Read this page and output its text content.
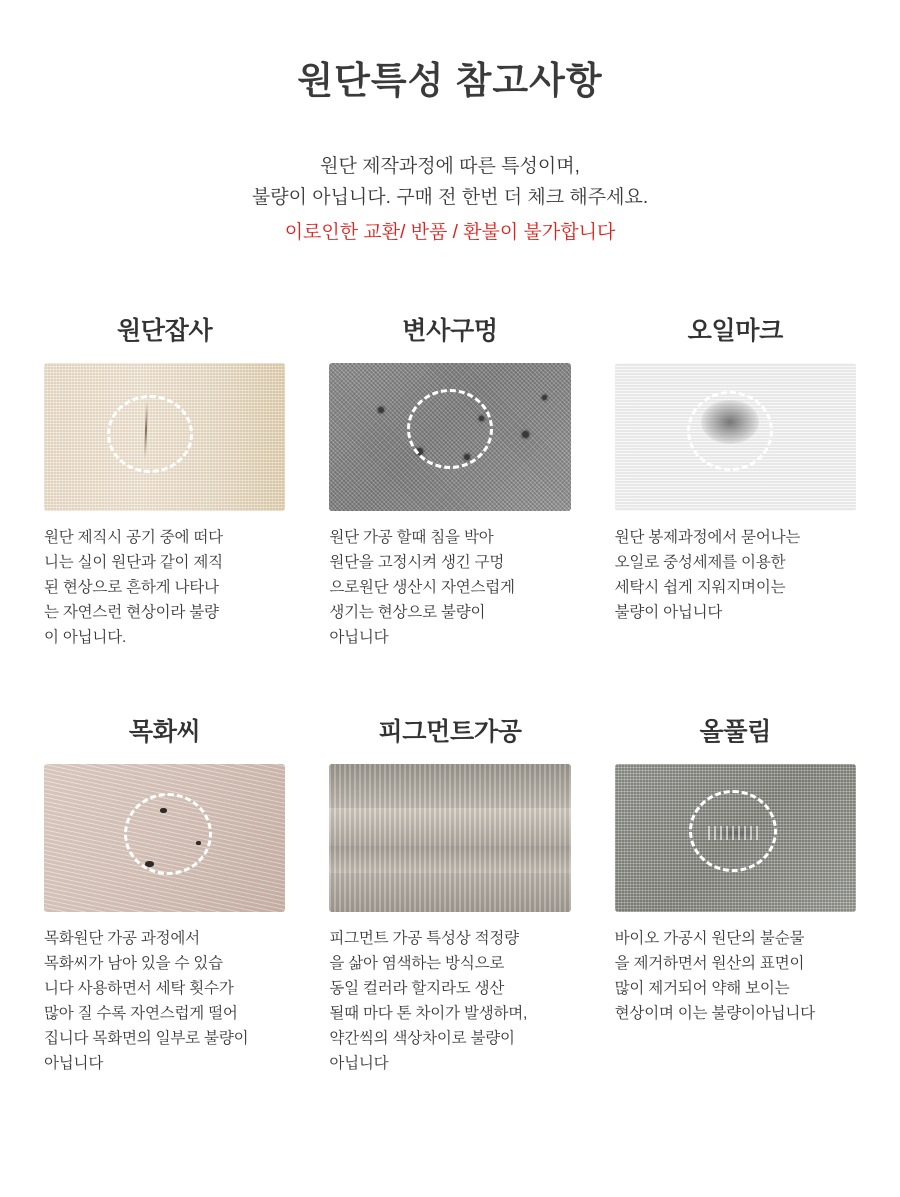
원단특성 참고사항
원단 제작과정에 따른 특성이며,
불량이 아닙니다. 구매 전 한번 더 체크 해주세요.
이로인한 교환/ 반품 / 환불이 불가합니다
원단잡사

원단 제직시 공기 중에 떠다
니는 실이 원단과 같이 제직
된 현상으로 흔하게 나타나
는 자연스런 현상이라 불량
이 아닙니다.

변사구멍

원단 가공 할때 침을 박아
원단을 고정시켜 생긴 구멍
으로원단 생산시 자연스럽게
생기는 현상으로 불량이
아닙니다

오일마크

원단 봉제과정에서 묻어나는
오일로 중성세제를 이용한
세탁시 쉽게 지워지며이는
불량이 아닙니다

목화씨

목화원단 가공 과정에서
목화씨가 남아 있을 수 있습
니다 사용하면서 세탁 횟수가
많아 질 수록 자연스럽게 떨어
집니다 목화면의 일부로 불량이
아닙니다

피그먼트가공

피그먼트 가공 특성상 적정량
을 삶아 염색하는 방식으로
동일 컬러라 할지라도 생산
될때 마다 톤 차이가 발생하며,
약간씩의 색상차이로 불량이
아닙니다

올풀림

바이오 가공시 원단의 불순물
을 제거하면서 원산의 표면이
많이 제거되어 약해 보이는
현상이며 이는 불량이아닙니다
